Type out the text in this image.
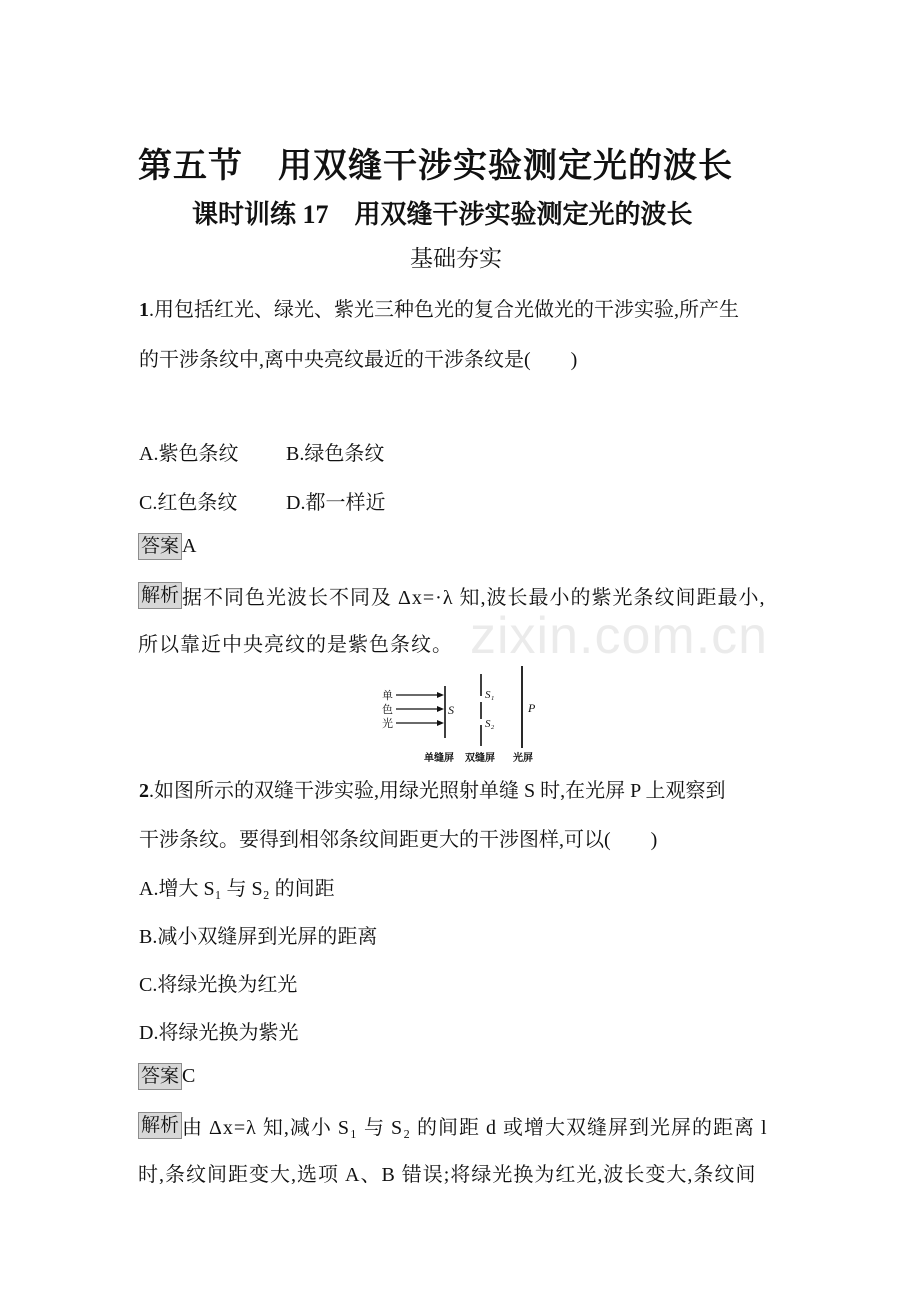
第五节　用双缝干涉实验测定光的波长
课时训练 17　用双缝干涉实验测定光的波长
基础夯实
1.用包括红光、绿光、紫光三种色光的复合光做光的干涉实验,所产生
的干涉条纹中,离中央亮纹最近的干涉条纹是(　　)
A.紫色条纹 B.绿色条纹
C.红色条纹 D.都一样近
答案 A
解析 据不同色光波长不同及 Δx=·λ 知,波长最小的紫光条纹间距最小,
所以靠近中央亮纹的是紫色条纹。 zixin.com.cn
单
色
光
S
S₁
S₂
P
单缝屏 双缝屏 光屏
2.如图所示的双缝干涉实验,用绿光照射单缝 S 时,在光屏 P 上观察到
干涉条纹。要得到相邻条纹间距更大的干涉图样,可以(　　)
A.增大 S₁ 与 S₂ 的间距
B.减小双缝屏到光屏的距离
C.将绿光换为红光
D.将绿光换为紫光
答案 C
解析 由 Δx=λ 知,减小 S₁ 与 S₂ 的间距 d 或增大双缝屏到光屏的距离 l
时,条纹间距变大,选项 A、B 错误;将绿光换为红光,波长变大,条纹间
